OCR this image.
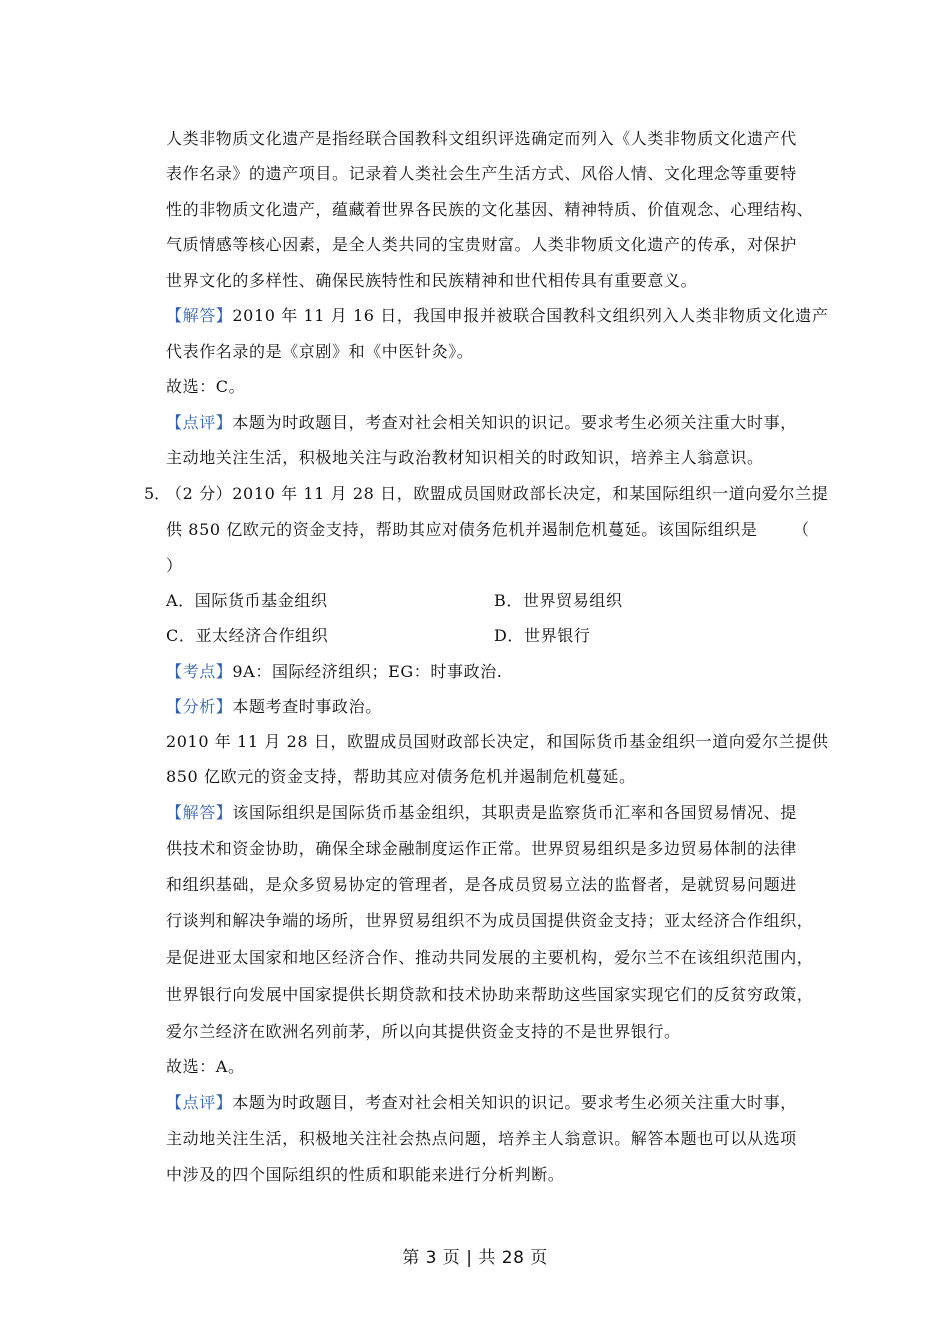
人类非物质文化遗产是指经联合国教科文组织评选确定而列入《人类非物质文化遗产代
表作名录》的遗产项目。记录着人类社会生产生活方式、风俗人情、文化理念等重要特
性的非物质文化遗产，蕴藏着世界各民族的文化基因、精神特质、价值观念、心理结构、
气质情感等核心因素，是全人类共同的宝贵财富。人类非物质文化遗产的传承，对保护
世界文化的多样性、确保民族特性和民族精神和世代相传具有重要意义。
【解答】2010 年 11 月 16 日，我国申报并被联合国教科文组织列入人类非物质文化遗产
代表作名录的是《京剧》和《中医针灸》。
故选：C。
【点评】本题为时政题目，考查对社会相关知识的识记。要求考生必须关注重大时事，
主动地关注生活，积极地关注与政治教材知识相关的时政知识，培养主人翁意识。
5．
（2 分）2010 年 11 月 28 日，欧盟成员国财政部长决定，和某国际组织一道向爱尔兰提
供 850 亿欧元的资金支持，帮助其应对债务危机并遏制危机蔓延。该国际组织是 （
）
A．国际货币基金组织	B．世界贸易组织
C．亚太经济合作组织	D．世界银行
【考点】9A：国际经济组织；EG：时事政治.
【分析】本题考查时事政治。
2010 年 11 月 28 日，欧盟成员国财政部长决定，和国际货币基金组织一道向爱尔兰提供
850 亿欧元的资金支持，帮助其应对债务危机并遏制危机蔓延。
【解答】该国际组织是国际货币基金组织，其职责是监察货币汇率和各国贸易情况、提
供技术和资金协助，确保全球金融制度运作正常。世界贸易组织是多边贸易体制的法律
和组织基础，是众多贸易协定的管理者，是各成员贸易立法的监督者，是就贸易问题进
行谈判和解决争端的场所，世界贸易组织不为成员国提供资金支持；亚太经济合作组织，
是促进亚太国家和地区经济合作、推动共同发展的主要机构，爱尔兰不在该组织范围内，
世界银行向发展中国家提供长期贷款和技术协助来帮助这些国家实现它们的反贫穷政策，
爱尔兰经济在欧洲名列前茅，所以向其提供资金支持的不是世界银行。
故选：A。
【点评】本题为时政题目，考查对社会相关知识的识记。要求考生必须关注重大时事，
主动地关注生活，积极地关注社会热点问题，培养主人翁意识。解答本题也可以从选项
中涉及的四个国际组织的性质和职能来进行分析判断。
第 3 页 | 共 28 页
